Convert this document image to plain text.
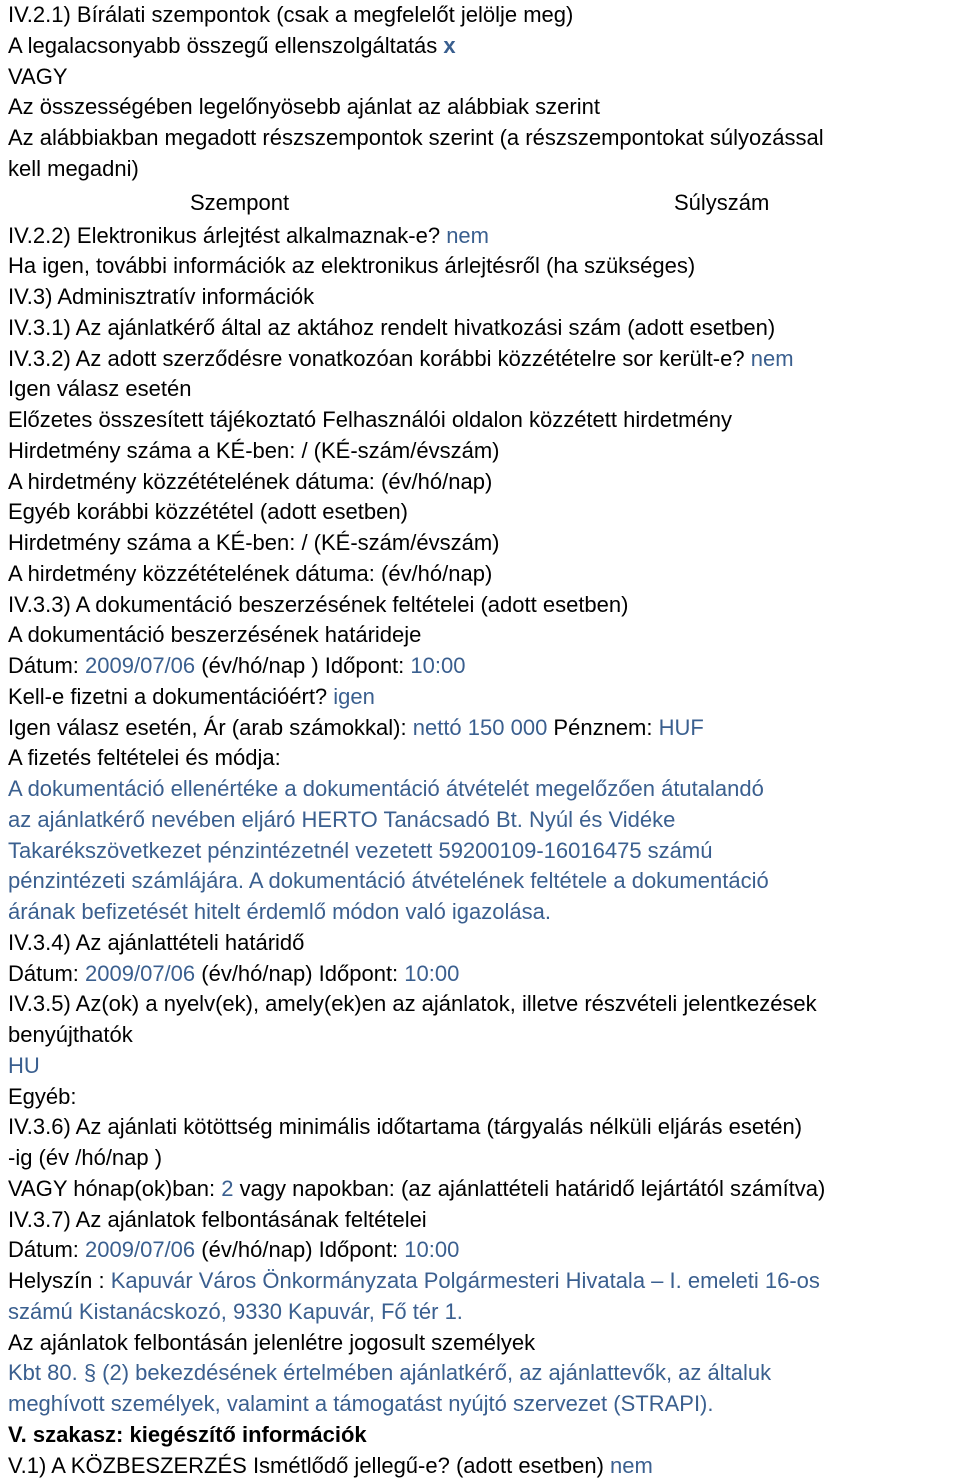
IV.2.1) Bírálati szempontok (csak a megfelelőt jelölje meg)
A legalacsonyabb összegű ellenszolgáltatás x
VAGY
Az összességében legelőnyösebb ajánlat az alábbiak szerint
Az alábbiakban megadott részszempontok szerint (a részszempontokat súlyozással
kell megadni)
Szempont	Súlyszám
IV.2.2) Elektronikus árlejtést alkalmaznak-e? nem
Ha igen, további információk az elektronikus árlejtésről (ha szükséges)
IV.3) Adminisztratív információk
IV.3.1) Az ajánlatkérő által az aktához rendelt hivatkozási szám (adott esetben)
IV.3.2) Az adott szerződésre vonatkozóan korábbi közzétételre sor került-e? nem
Igen válasz esetén
Előzetes összesített tájékoztató Felhasználói oldalon közzétett hirdetmény
Hirdetmény száma a KÉ-ben: / (KÉ-szám/évszám)
A hirdetmény közzétételének dátuma: (év/hó/nap)
Egyéb korábbi közzététel (adott esetben)
Hirdetmény száma a KÉ-ben: / (KÉ-szám/évszám)
A hirdetmény közzétételének dátuma: (év/hó/nap)
IV.3.3) A dokumentáció beszerzésének feltételei (adott esetben)
A dokumentáció beszerzésének határideje
Dátum: 2009/07/06 (év/hó/nap ) Időpont: 10:00
Kell-e fizetni a dokumentációért? igen
Igen válasz esetén, Ár (arab számokkal): nettó 150 000 Pénznem: HUF
A fizetés feltételei és módja:
A dokumentáció ellenértéke a dokumentáció átvételét megelőzően átutalandó
az ajánlatkérő nevében eljáró HERTO Tanácsadó Bt. Nyúl és Vidéke
Takarékszövetkezet pénzintézetnél vezetett 59200109-16016475 számú
pénzintézeti számlájára. A dokumentáció átvételének feltétele a dokumentáció
árának befizetését hitelt érdemlő módon való igazolása.
IV.3.4) Az ajánlattételi határidő
Dátum: 2009/07/06 (év/hó/nap) Időpont: 10:00
IV.3.5) Az(ok) a nyelv(ek), amely(ek)en az ajánlatok, illetve részvételi jelentkezések
benyújthatók
HU
Egyéb:
IV.3.6) Az ajánlati kötöttség minimális időtartama (tárgyalás nélküli eljárás esetén)
-ig (év /hó/nap )
VAGY hónap(ok)ban: 2 vagy napokban: (az ajánlattételi határidő lejártától számítva)
IV.3.7) Az ajánlatok felbontásának feltételei
Dátum: 2009/07/06 (év/hó/nap) Időpont: 10:00
Helyszín : Kapuvár Város Önkormányzata Polgármesteri Hivatala – I. emeleti 16-os
számú Kistanácskozó, 9330 Kapuvár, Fő tér 1.
Az ajánlatok felbontásán jelenlétre jogosult személyek
Kbt 80. § (2) bekezdésének értelmében ajánlatkérő, az ajánlattevők, az általuk
meghívott személyek, valamint a támogatást nyújtó szervezet (STRAPI).
V. szakasz: kiegészítő információk
V.1) A KÖZBESZERZÉS Ismétlődő jellegű-e? (adott esetben) nem
